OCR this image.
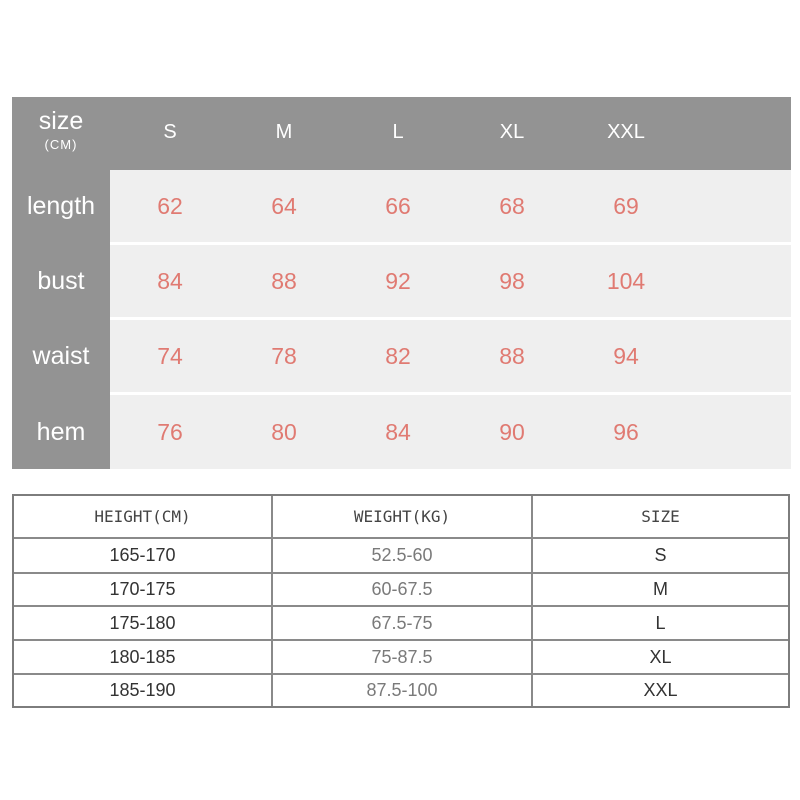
size
(CM)
S	M	L	XL	XXL
length	62	64	66	68	69
bust	84	88	92	98	104
waist	74	78	82	88	94
hem	76	80	84	90	96
HEIGHT(CM)	WEIGHT(KG)	SIZE
165-170	52.5-60	S
170-175	60-67.5	M
175-180	67.5-75	L
180-185	75-87.5	XL
185-190	87.5-100	XXL
